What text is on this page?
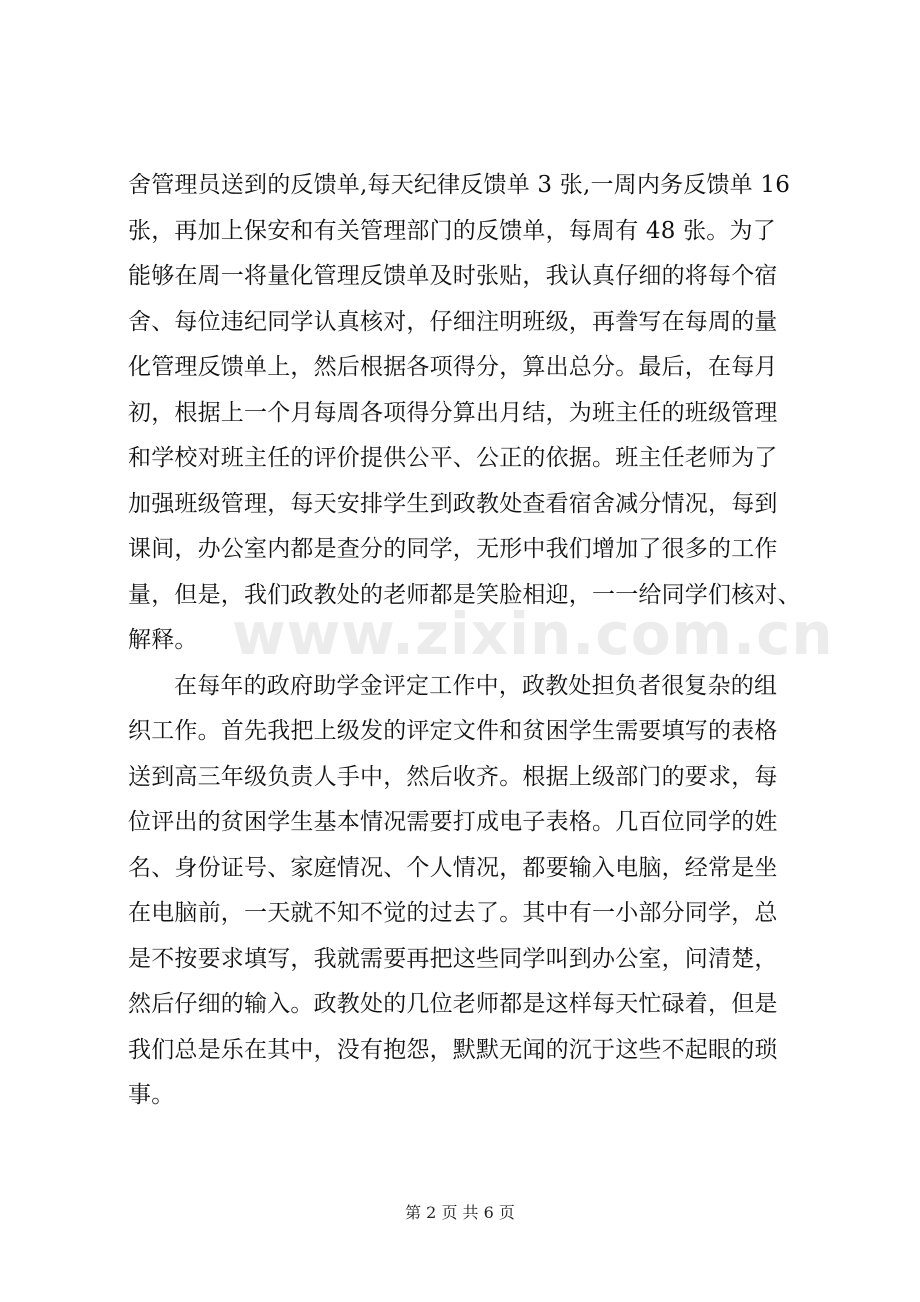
舍管理员送到的反馈单,每天纪律反馈单 3 张,一周内务反馈单 16
张，再加上保安和有关管理部门的反馈单，每周有 48 张。为了
能够在周一将量化管理反馈单及时张贴，我认真仔细的将每个宿
舍、每位违纪同学认真核对，仔细注明班级，再誊写在每周的量
化管理反馈单上，然后根据各项得分，算出总分。最后，在每月
初，根据上一个月每周各项得分算出月结，为班主任的班级管理
和学校对班主任的评价提供公平、公正的依据。班主任老师为了
加强班级管理，每天安排学生到政教处查看宿舍减分情况，每到
课间，办公室内都是查分的同学，无形中我们增加了很多的工作
量，但是，我们政教处的老师都是笑脸相迎，一一给同学们核对、
解释。
在每年的政府助学金评定工作中，政教处担负者很复杂的组
织工作。首先我把上级发的评定文件和贫困学生需要填写的表格
送到高三年级负责人手中，然后收齐。根据上级部门的要求，每
位评出的贫困学生基本情况需要打成电子表格。几百位同学的姓
名、身份证号、家庭情况、个人情况，都要输入电脑，经常是坐
在电脑前，一天就不知不觉的过去了。其中有一小部分同学，总
是不按要求填写，我就需要再把这些同学叫到办公室，问清楚，
然后仔细的输入。政教处的几位老师都是这样每天忙碌着，但是
我们总是乐在其中，没有抱怨，默默无闻的沉于这些不起眼的琐
事。
www.zixin.com.cn
第 2 页 共 6 页
